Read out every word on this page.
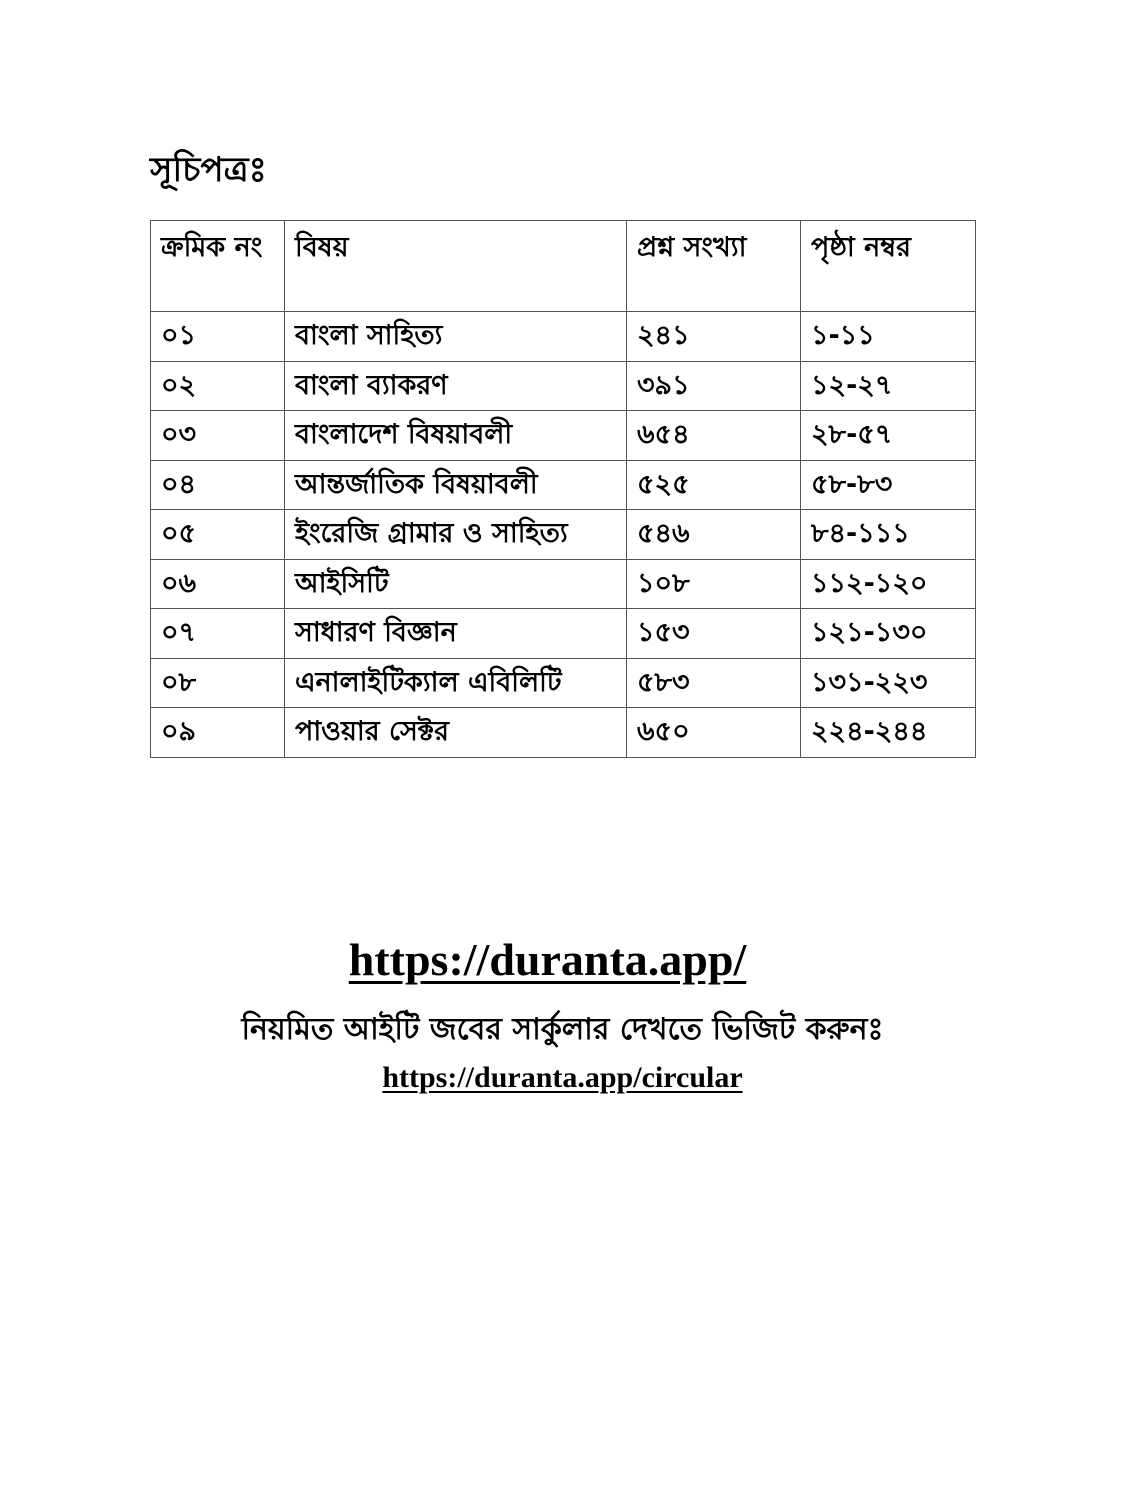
সূচিপত্রঃ
ক্রমিক নং	বিষয়	প্রশ্ন সংখ্যা	পৃষ্ঠা নম্বর
০১	বাংলা সাহিত্য	২৪১	১-১১
০২	বাংলা ব্যাকরণ	৩৯১	১২-২৭
০৩	বাংলাদেশ বিষয়াবলী	৬৫৪	২৮-৫৭
০৪	আন্তর্জাতিক বিষয়াবলী	৫২৫	৫৮-৮৩
০৫	ইংরেজি গ্রামার ও সাহিত্য	৫৪৬	৮৪-১১১
০৬	আইসিটি	১০৮	১১২-১২০
০৭	সাধারণ বিজ্ঞান	১৫৩	১২১-১৩০
০৮	এনালাইটিক্যাল এবিলিটি	৫৮৩	১৩১-২২৩
০৯	পাওয়ার সেক্টর	৬৫০	২২৪-২৪৪
https://duranta.app/
নিয়মিত আইটি জবের সার্কুলার দেখতে ভিজিট করুনঃ
https://duranta.app/circular
